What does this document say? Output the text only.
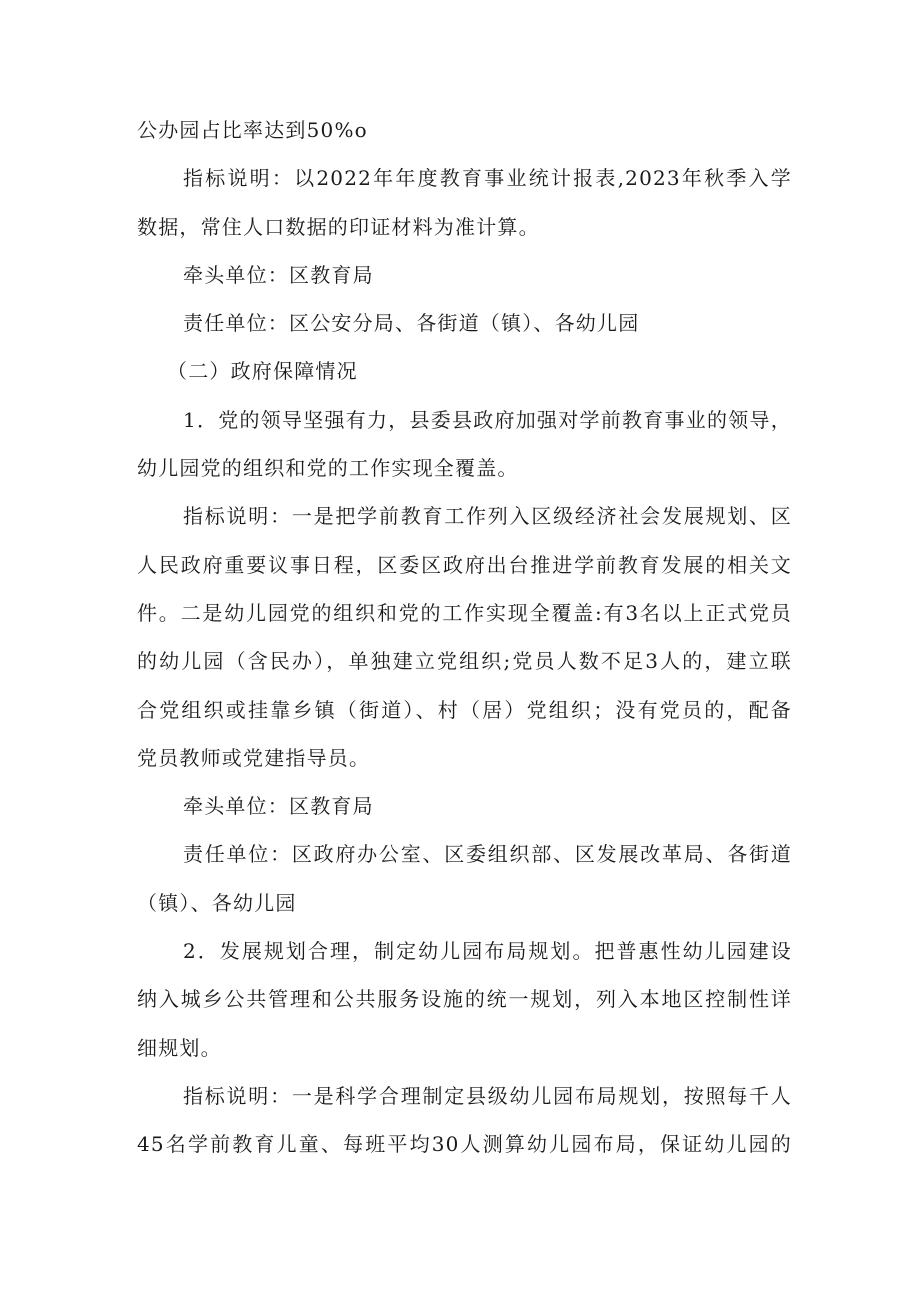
公办园占比率达到50%o
指标说明：以2022年年度教育事业统计报表,2023年秋季入学
数据，常住人口数据的印证材料为准计算。
牵头单位：区教育局
责任单位：区公安分局、各街道（镇）、各幼儿园
（二）政府保障情况
1．党的领导坚强有力，县委县政府加强对学前教育事业的领导，
幼儿园党的组织和党的工作实现全覆盖。
指标说明：一是把学前教育工作列入区级经济社会发展规划、区
人民政府重要议事日程，区委区政府出台推进学前教育发展的相关文
件。二是幼儿园党的组织和党的工作实现全覆盖:有3名以上正式党员
的幼儿园（含民办），单独建立党组织;党员人数不足3人的，建立联
合党组织或挂靠乡镇（街道）、村（居）党组织；没有党员的，配备
党员教师或党建指导员。
牵头单位：区教育局
责任单位：区政府办公室、区委组织部、区发展改革局、各街道
（镇）、各幼儿园
2．发展规划合理，制定幼儿园布局规划。把普惠性幼儿园建设
纳入城乡公共管理和公共服务设施的统一规划，列入本地区控制性详
细规划。
指标说明：一是科学合理制定县级幼儿园布局规划，按照每千人
45名学前教育儿童、每班平均30人测算幼儿园布局，保证幼儿园的
